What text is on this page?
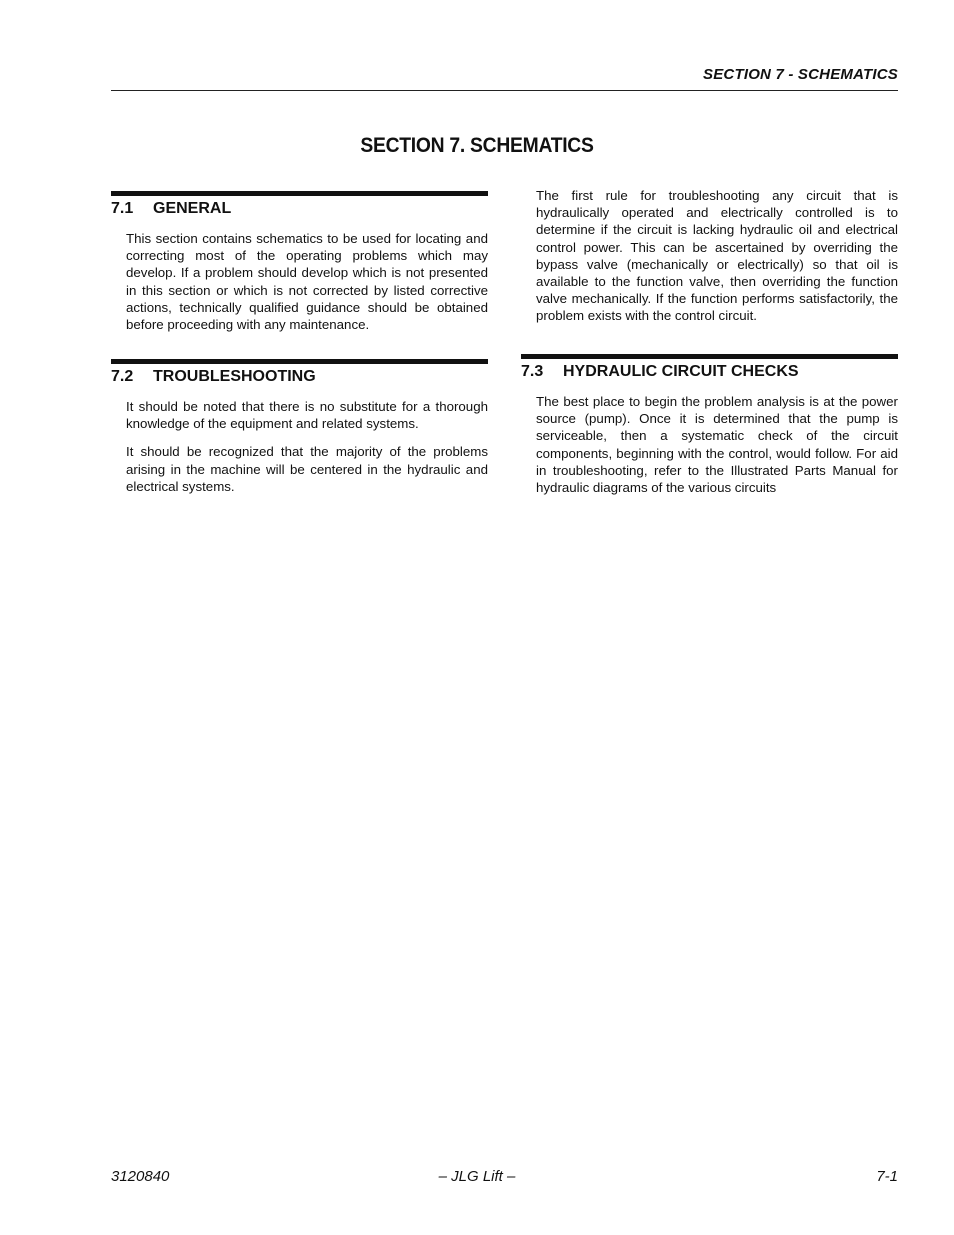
SECTION 7 - SCHEMATICS
SECTION 7. SCHEMATICS
7.1 GENERAL

This section contains schematics to be used for locating and correcting most of the operating problems which may develop. If a problem should develop which is not presented in this section or which is not corrected by listed corrective actions, technically qualified guidance should be obtained before proceeding with any maintenance.

7.2 TROUBLESHOOTING

It should be noted that there is no substitute for a thorough knowledge of the equipment and related systems.

It should be recognized that the majority of the problems arising in the machine will be centered in the hydraulic and electrical systems.

The first rule for troubleshooting any circuit that is hydraulically operated and electrically controlled is to determine if the circuit is lacking hydraulic oil and electrical control power. This can be ascertained by overriding the bypass valve (mechanically or electrically) so that oil is available to the function valve, then overriding the function valve mechanically. If the function performs satisfactorily, the problem exists with the control circuit.

7.3 HYDRAULIC CIRCUIT CHECKS

The best place to begin the problem analysis is at the power source (pump). Once it is determined that the pump is serviceable, then a systematic check of the circuit components, beginning with the control, would follow. For aid in troubleshooting, refer to the Illustrated Parts Manual for hydraulic diagrams of the various circuits

3120840	– JLG Lift –	7-1
